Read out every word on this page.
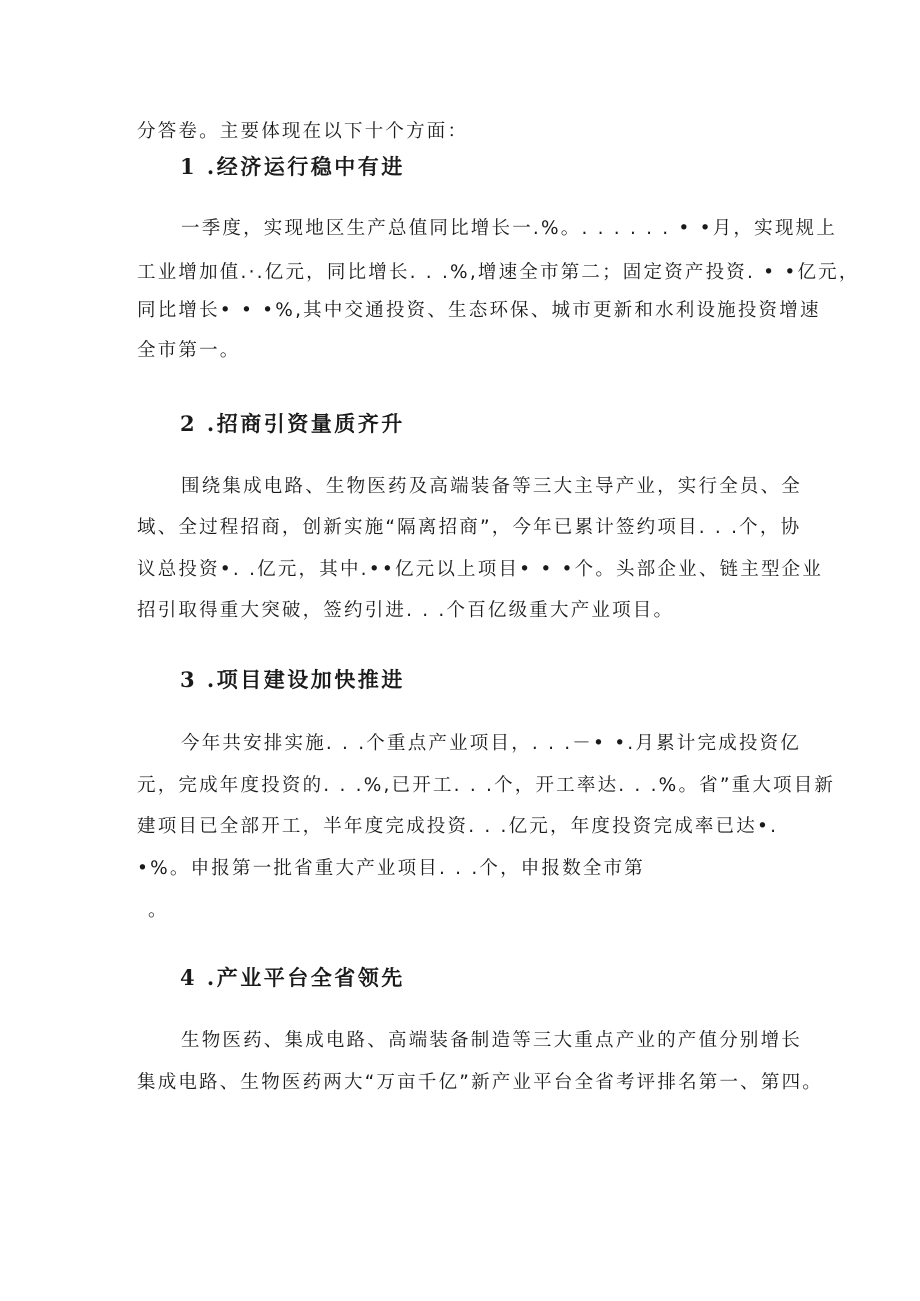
分答卷。主要体现在以下十个方面：
1 .经济运行稳中有进
一季度，实现地区生产总值同比增长一.%。. . . . . . • •月，实现规上
工业增加值.·.亿元，同比增长. . .%,增速全市第二；固定资产投资. • •亿元，
同比增长• • •%,其中交通投资、生态环保、城市更新和水利设施投资增速
全市第一。
2 .招商引资量质齐升
围绕集成电路、生物医药及高端装备等三大主导产业，实行全员、全
域、全过程招商，创新实施“隔离招商”，今年已累计签约项目. . .个，协
议总投资•. .亿元，其中.••亿元以上项目• • •个。头部企业、链主型企业
招引取得重大突破，签约引进. . .个百亿级重大产业项目。
3 .项目建设加快推进
今年共安排实施. . .个重点产业项目，. . .－• •.月累计完成投资亿
元，完成年度投资的. . .%,已开工. . .个，开工率达. . .%。省”重大项目新
建项目已全部开工，半年度完成投资. . .亿元，年度投资完成率已达•.
•%。申报第一批省重大产业项目. . .个，申报数全市第
。
4 .产业平台全省领先
生物医药、集成电路、高端装备制造等三大重点产业的产值分别增长
集成电路、生物医药两大“万亩千亿”新产业平台全省考评排名第一、第四。
